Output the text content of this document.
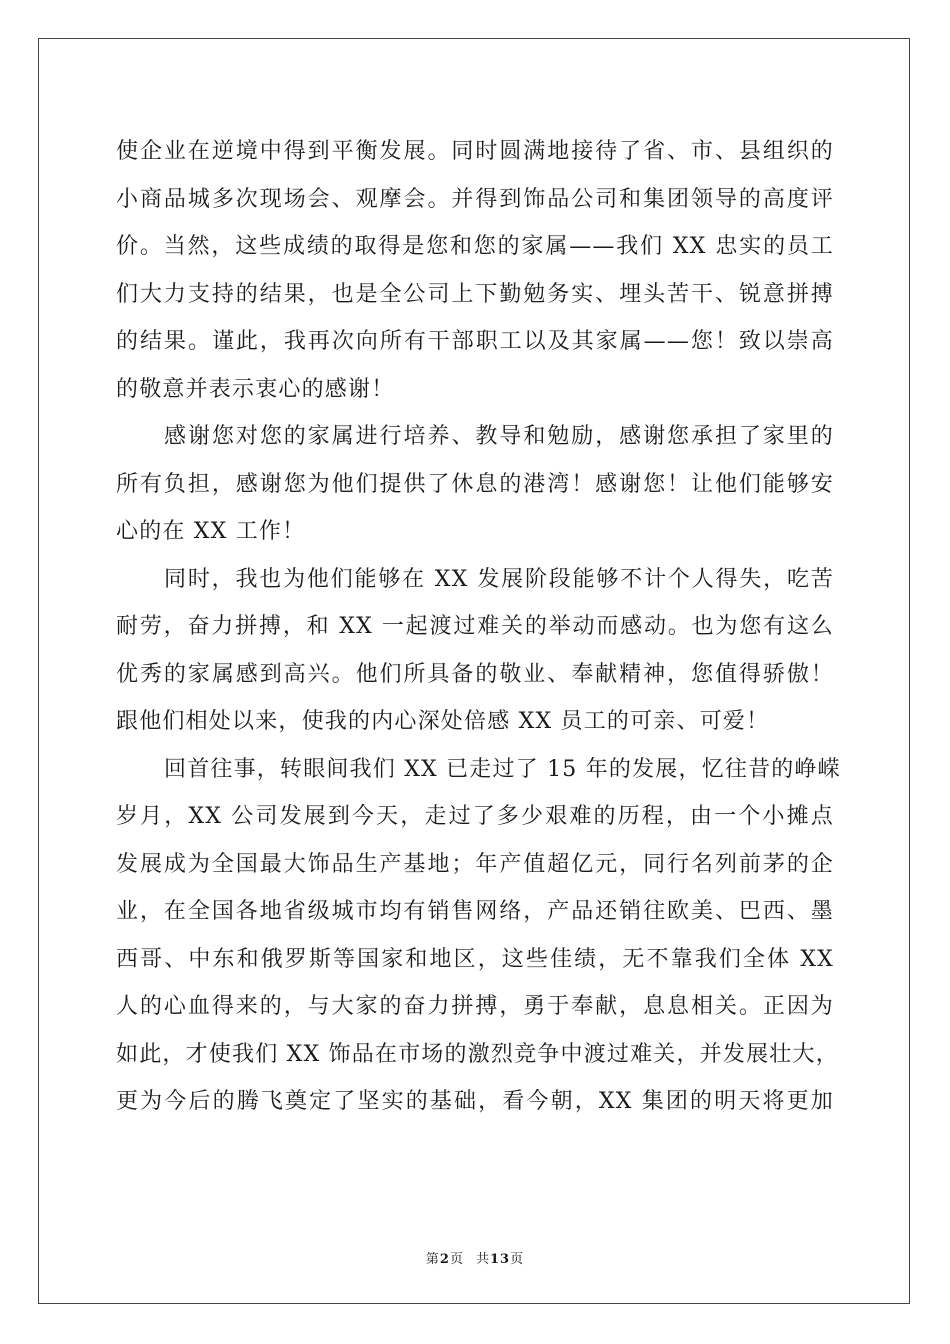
使企业在逆境中得到平衡发展。同时圆满地接待了省、市、县组织的
小商品城多次现场会、观摩会。并得到饰品公司和集团领导的高度评
价。当然，这些成绩的取得是您和您的家属——我们 XX 忠实的员工
们大力支持的结果，也是全公司上下勤勉务实、埋头苦干、锐意拼搏
的结果。谨此，我再次向所有干部职工以及其家属——您！致以崇高
的敬意并表示衷心的感谢！
感谢您对您的家属进行培养、教导和勉励，感谢您承担了家里的
所有负担，感谢您为他们提供了休息的港湾！感谢您！让他们能够安
心的在 XX 工作！
同时，我也为他们能够在 XX 发展阶段能够不计个人得失，吃苦
耐劳，奋力拼搏，和 XX 一起渡过难关的举动而感动。也为您有这么
优秀的家属感到高兴。他们所具备的敬业、奉献精神，您值得骄傲！
跟他们相处以来，使我的内心深处倍感 XX 员工的可亲、可爱！
回首往事，转眼间我们 XX 已走过了 15 年的发展，忆往昔的峥嵘
岁月，XX 公司发展到今天，走过了多少艰难的历程，由一个小摊点
发展成为全国最大饰品生产基地；年产值超亿元，同行名列前茅的企
业，在全国各地省级城市均有销售网络，产品还销往欧美、巴西、墨
西哥、中东和俄罗斯等国家和地区，这些佳绩，无不靠我们全体 XX
人的心血得来的，与大家的奋力拼搏，勇于奉献，息息相关。正因为
如此，才使我们 XX 饰品在市场的激烈竞争中渡过难关，并发展壮大，
更为今后的腾飞奠定了坚实的基础，看今朝，XX 集团的明天将更加
第2页 共13页
